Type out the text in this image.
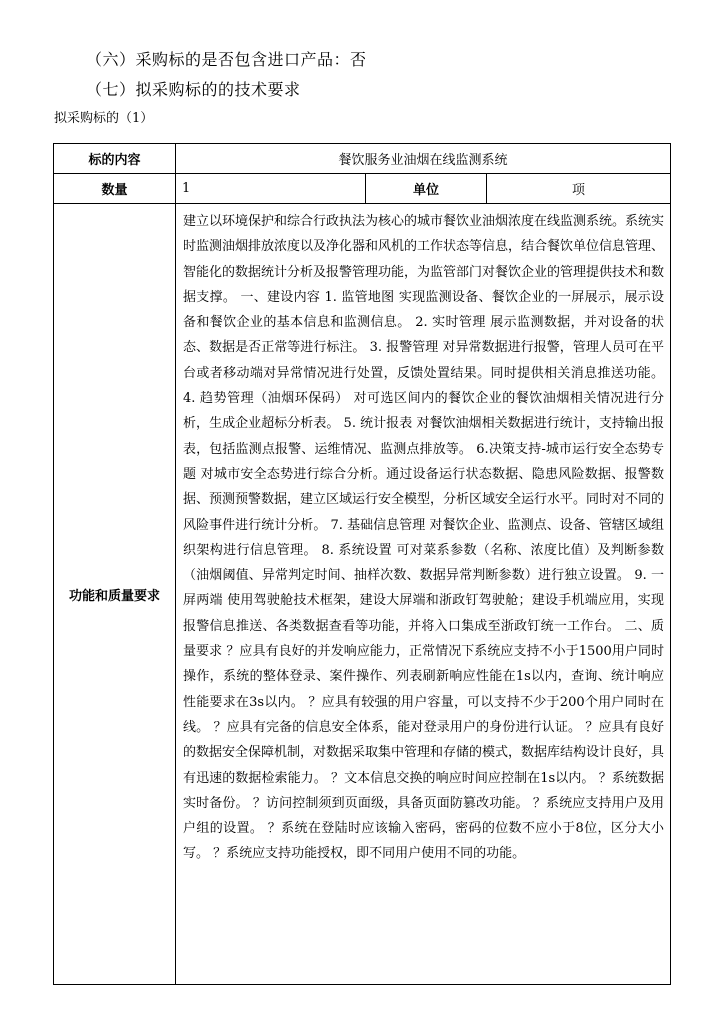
（六）采购标的是否包含进口产品：否
（七）拟采购标的的技术要求
拟采购标的（1）
标的内容	餐饮服务业油烟在线监测系统		
数量	1	单位	项
功能和质量要求	建立以环境保护和综合行政执法为核心的城市餐饮业油烟浓度在线监测系统。系统实时监测油烟排放浓度以及净化器和风机的工作状态等信息，结合餐饮单位信息管理、智能化的数据统计分析及报警管理功能，为监管部门对餐饮企业的管理提供技术和数据支撑。 一、建设内容 1. 监管地图 实现监测设备、餐饮企业的一屏展示，展示设备和餐饮企业的基本信息和监测信息。 2. 实时管理 展示监测数据，并对设备的状态、数据是否正常等进行标注。 3. 报警管理 对异常数据进行报警，管理人员可在平台或者移动端对异常情况进行处置，反馈处置结果。同时提供相关消息推送功能。 4. 趋势管理（油烟环保码） 对可选区间内的餐饮企业的餐饮油烟相关情况进行分析，生成企业超标分析表。 5. 统计报表 对餐饮油烟相关数据进行统计，支持输出报表，包括监测点报警、运维情况、监测点排放等。 6.决策支持-城市运行安全态势专题 对城市安全态势进行综合分析。通过设备运行状态数据、隐患风险数据、报警数据、预测预警数据，建立区域运行安全模型，分析区域安全运行水平。同时对不同的风险事件进行统计分析。 7. 基础信息管理 对餐饮企业、监测点、设备、管辖区域组织架构进行信息管理。 8. 系统设置 可对菜系参数（名称、浓度比值）及判断参数（油烟阈值、异常判定时间、抽样次数、数据异常判断参数）进行独立设置。 9. 一屏两端 使用驾驶舱技术框架，建设大屏端和浙政钉驾驶舱；建设手机端应用，实现报警信息推送、各类数据查看等功能，并将入口集成至浙政钉统一工作台。 二、质量要求 ？应具有良好的并发响应能力，正常情况下系统应支持不小于1500用户同时操作，系统的整体登录、案件操作、列表刷新响应性能在1s以内，查询、统计响应性能要求在3s以内。 ？应具有较强的用户容量，可以支持不少于200个用户同时在线。 ？应具有完备的信息安全体系，能对登录用户的身份进行认证。 ？应具有良好的数据安全保障机制，对数据采取集中管理和存储的模式，数据库结构设计良好，具有迅速的数据检索能力。 ？文本信息交换的响应时间应控制在1s以内。 ？系统数据实时备份。 ？访问控制须到页面级，具备页面防篡改功能。 ？系统应支持用户及用户组的设置。 ？系统在登陆时应该输入密码，密码的位数不应小于8位，区分大小写。 ？系统应支持功能授权，即不同用户使用不同的功能。		
